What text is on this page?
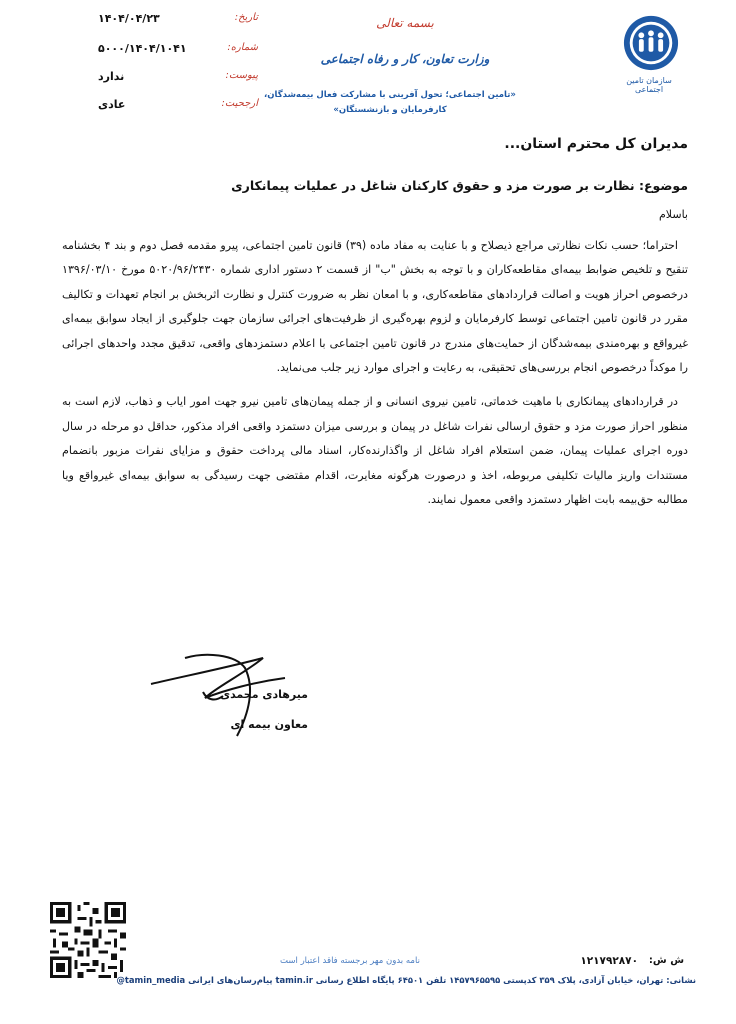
سازمان تامین اجتماعی
بسمه تعالی
وزارت تعاون، کار و رفاه اجتماعی
«تامین اجتماعی؛ تحول آفرینی با مشارکت فعال بیمه‌شدگان، کارفرمایان و بازنشستگان»
تاریخ:
۱۴۰۴/۰۴/۲۳
شماره:
۵۰۰۰/۱۴۰۴/۱۰۴۱
پیوست:
ندارد
ارجحیت:
عادی
مدیران کل محترم استان...
موضوع: نظارت بر صورت مزد و حقوق کارکنان شاغل در عملیات پیمانکاری
باسلام

احتراما؛ حسب نکات نظارتی مراجع ذیصلاح و با عنایت به مفاد ماده (۳۹) قانون تامین اجتماعی، پیرو مقدمه فصل دوم و بند ۴ بخشنامه تنقیح و تلخیص ضوابط بیمه‌ای مقاطعه‌کاران و با توجه به بخش "ب" از قسمت ۲ دستور اداری شماره ۵۰۲۰/۹۶/۲۴۳۰ مورخ ۱۳۹۶/۰۳/۱۰ درخصوص احراز هویت و اصالت قراردادهای مقاطعه‌کاری، و با امعان نظر به ضرورت کنترل و نظارت اثربخش بر انجام تعهدات و تکالیف مقرر در قانون تامین اجتماعی توسط کارفرمایان و لزوم بهره‌گیری از ظرفیت‌های اجرائی سازمان جهت جلوگیری از ایجاد سوابق بیمه‌ای غیرواقع و بهره‌مندی بیمه‌شدگان از حمایت‌های مندرج در قانون تامین اجتماعی با اعلام دستمزدهای واقعی، تدقیق مجدد واحدهای اجرائی را موکداً درخصوص انجام بررسی‌های تحقیقی، به رعایت و اجرای موارد زیر جلب می‌نماید.

در قراردادهای پیمانکاری با ماهیت خدماتی، تامین نیروی انسانی و از جمله پیمان‌های تامین نیرو جهت امور ایاب و ذهاب، لازم است به منظور احراز صورت مزد و حقوق ارسالی نفرات شاغل در پیمان و بررسی میزان دستمزد واقعی افراد مذکور، حداقل دو مرحله در سال دوره اجرای عملیات پیمان، ضمن استعلام افراد شاغل از واگذارنده‌کار، اسناد مالی پرداخت حقوق و مزایای نفرات مزبور بانضمام مستندات واریز مالیات تکلیفی مربوطه، اخذ و درصورت هرگونه مغایرت، اقدام مقتضی جهت رسیدگی به سوابق بیمه‌ای غیرواقع ویا مطالبه حق‌بیمه بابت اظهار دستمزد واقعی معمول نمایند.

میرهادی محمدی
معاون بیمه ای
نامه بدون مهر برجسته فاقد اعتبار است	ش ش:
۱۲۱۷۹۲۸۷۰
نشانی: تهران، خیابان آزادی، پلاک ۳۵۹ کدپستی ۱۴۵۷۹۶۵۵۹۵ تلفن ۶۴۵۰۱ پایگاه اطلاع رسانی tamin.ir پیام‌رسان‌های ایرانی tamin_media@
